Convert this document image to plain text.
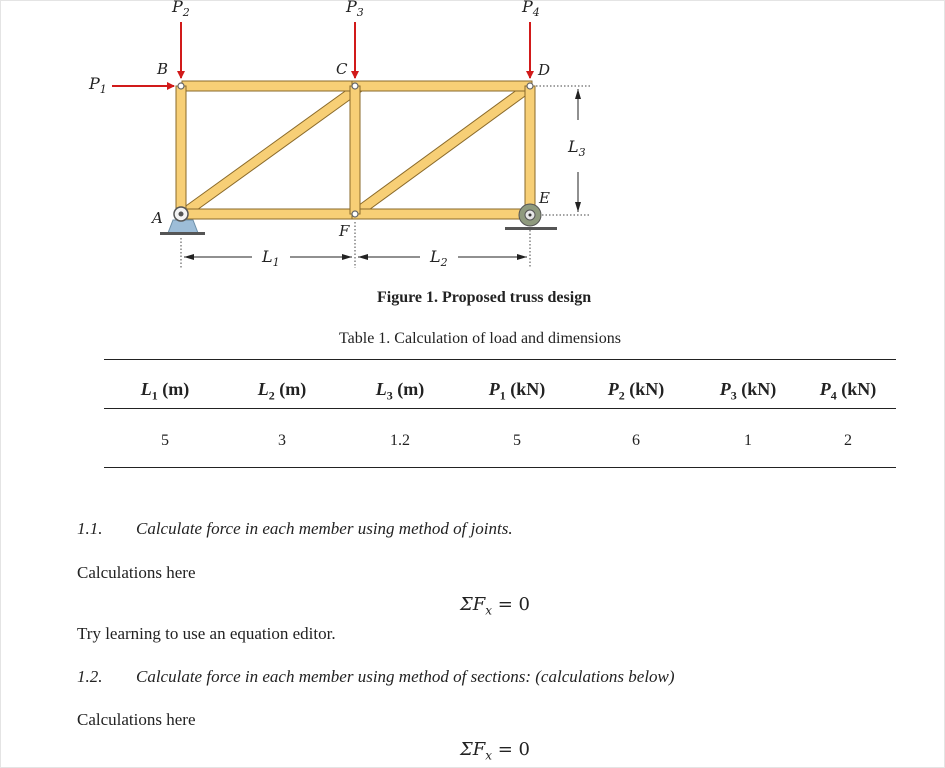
$P_1$
$P_2$	$P_3$	$P_4$
B	C	D
E
A
F
$L_1$	$L_2$
$L_3$
Figure 1. Proposed truss design
Table 1. Calculation of load and dimensions
$L_1$ (m)	$L_2$ (m)	$L_3$ (m)	$P_1$ (kN)	$P_2$ (kN)	$P_3$ (kN)	$P_4$ (kN)
5	3	1.2	5	6	1	2
1.1. Calculate force in each member using method of joints.
Calculations here
$\Sigma F_x = 0$
Try learning to use an equation editor.
1.2. Calculate force in each member using method of sections: (calculations below)
Calculations here
$\Sigma F_x = 0$
